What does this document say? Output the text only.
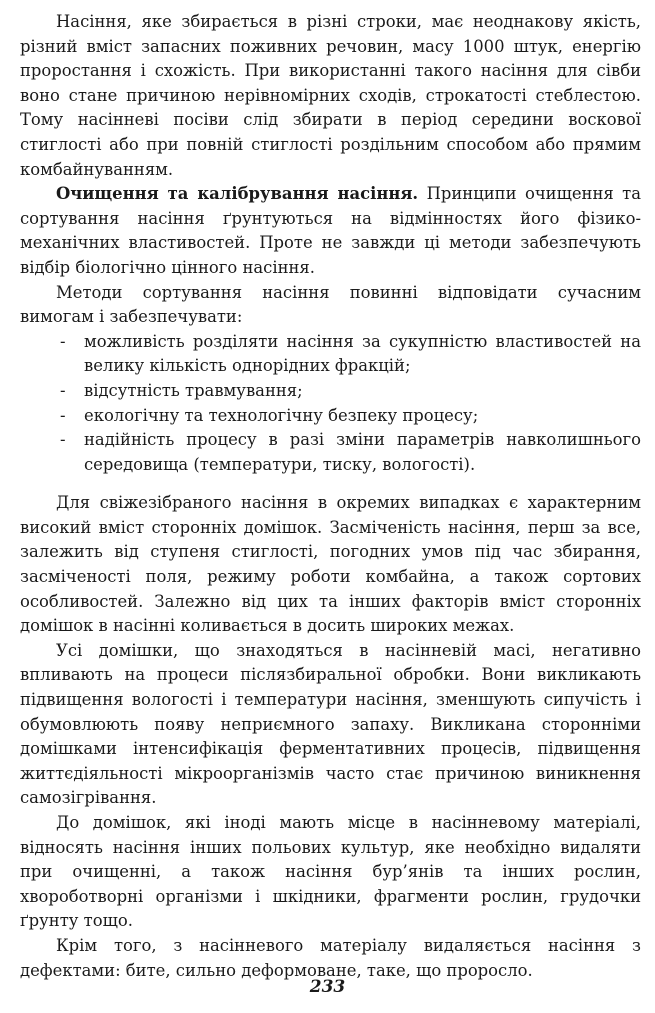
Насіння, яке збирається в різні строки, має неоднакову якість, різний вміст запасних поживних речовин, масу 1000 штук, енергію проростання і схожість. При використанні такого насіння для сівби воно стане причиною нерівномірних сходів, строкатості стеблестою. Тому насінневі посіви слід збирати в період середини воскової стиглості або при повній стиглості роздільним способом або прямим комбайнуванням.

Очищення та калібрування насіння. Принципи очищення та сортування насіння ґрунтуються на відмінностях його фізико-механічних властивостей. Проте не завжди ці методи забезпечують відбір біологічно цінного насіння.

Методи сортування насіння повинні відповідати сучасним вимогам і забезпечувати:

- можливість розділяти насіння за сукупністю властивостей на велику кількість однорідних фракцій;
- відсутність травмування;
- екологічну та технологічну безпеку процесу;
- надійність процесу в разі зміни параметрів навколишнього середовища (температури, тиску, вологості).

Для свіжезібраного насіння в окремих випадках є характерним високий вміст сторонніх домішок. Засміченість насіння, перш за все, залежить від ступеня стиглості, погодних умов під час збирання, засміченості поля, режиму роботи комбайна, а також сортових особливостей. Залежно від цих та інших факторів вміст сторонніх домішок в насінні коливається в досить широких межах.

Усі домішки, що знаходяться в насінневій масі, негативно впливають на процеси післязбиральної обробки. Вони викликають підвищення вологості і температури насіння, зменшують сипучість і обумовлюють появу неприємного запаху. Викликана сторонніми домішками інтенсифікація ферментативних процесів, підвищення життєдіяльності мікроорганізмів часто стає причиною виникнення самозігрівання.

До домішок, які іноді мають місце в насінневому матеріалі, відносять насіння інших польових культур, яке необхідно видаляти при очищенні, а також насіння бур’янів та інших рослин, хвороботворні організми і шкідники, фрагменти рослин, грудочки ґрунту тощо.

Крім того, з насінневого матеріалу видаляється насіння з дефектами: бите, сильно деформоване, таке, що проросло.

233
